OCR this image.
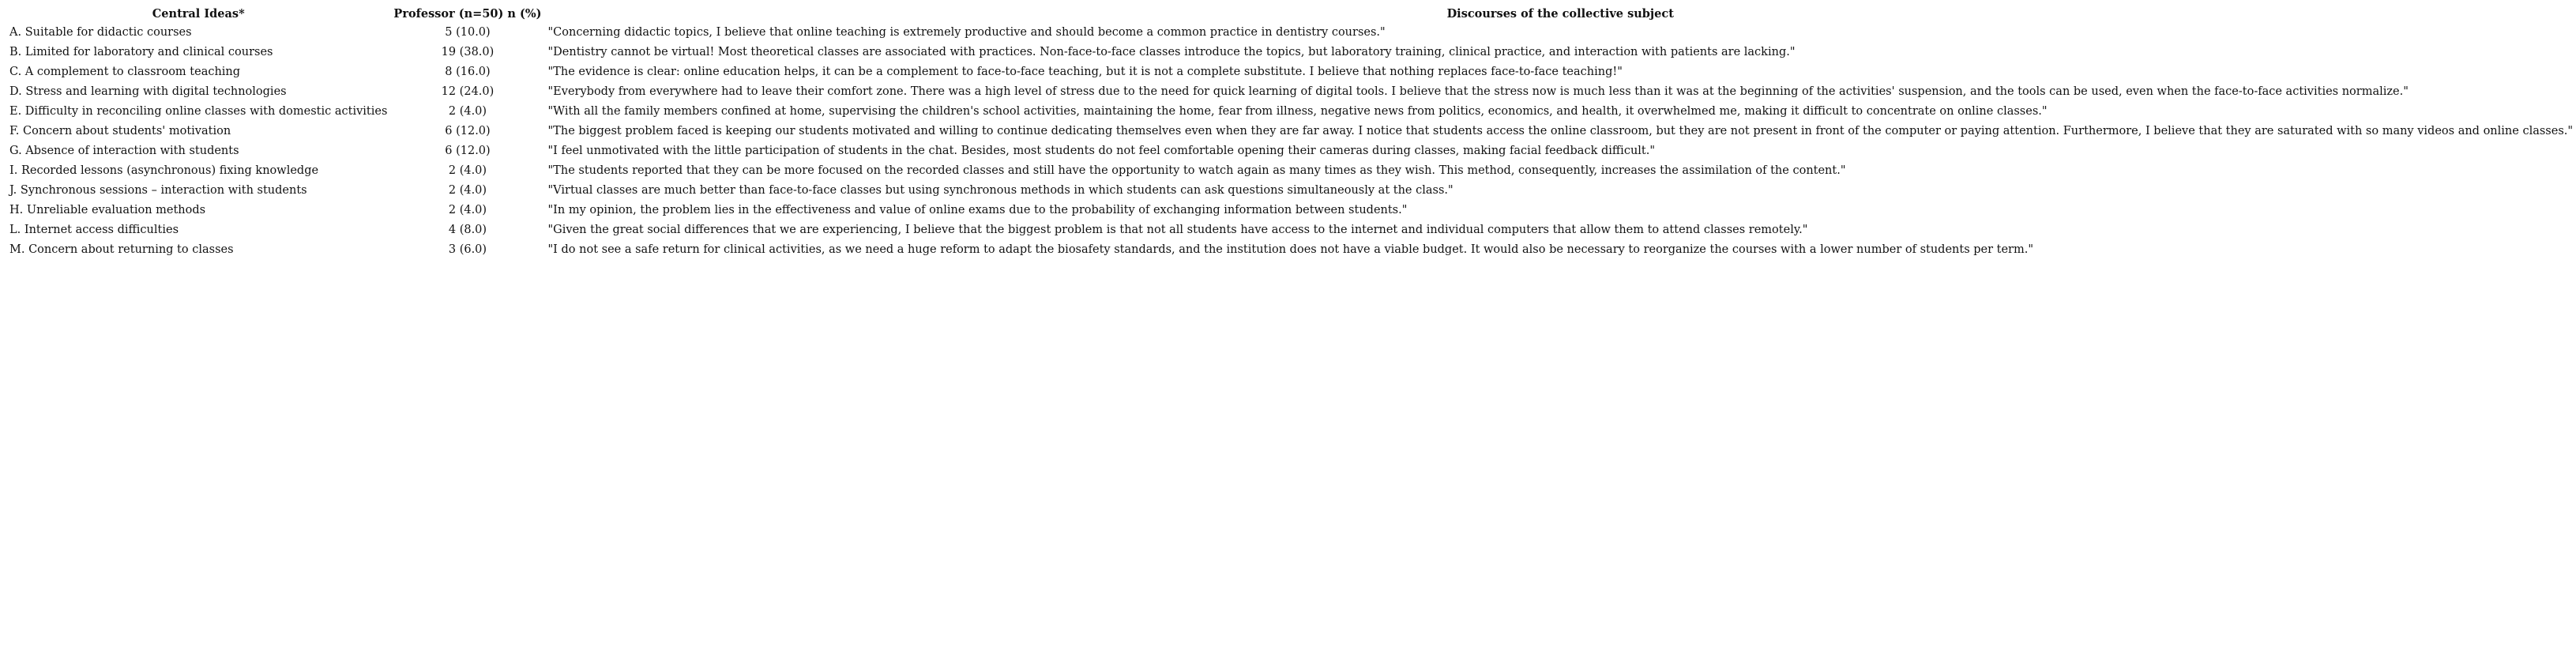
Central Ideas*	Professor (n=50) n (%)	Discourses of the collective subject
A. Suitable for didactic courses	5 (10.0)	"Concerning didactic topics, I believe that online teaching is extremely productive and should become a common practice in dentistry courses."
B. Limited for laboratory and clinical courses	19 (38.0)	"Dentistry cannot be virtual! Most theoretical classes are associated with practices. Non-face-to-face classes introduce the topics, but laboratory training, clinical practice, and interaction with patients are lacking."
C. A complement to classroom teaching	8 (16.0)	"The evidence is clear: online education helps, it can be a complement to face-to-face teaching, but it is not a complete substitute. I believe that nothing replaces face-to-face teaching!"
D. Stress and learning with digital technologies	12 (24.0)	"Everybody from everywhere had to leave their comfort zone. There was a high level of stress due to the need for quick learning of digital tools. I believe that the stress now is much less than it was at the beginning of the activities' suspension, and the tools can be used, even when the face-to-face activities normalize."
E. Difficulty in reconciling online classes with domestic activities	2 (4.0)	"With all the family members confined at home, supervising the children's school activities, maintaining the home, fear from illness, negative news from politics, economics, and health, it overwhelmed me, making it difficult to concentrate on online classes."
F. Concern about students' motivation	6 (12.0)	"The biggest problem faced is keeping our students motivated and willing to continue dedicating themselves even when they are far away. I notice that students access the online classroom, but they are not present in front of the computer or paying attention. Furthermore, I believe that they are saturated with so many videos and online classes."
G. Absence of interaction with students	6 (12.0)	"I feel unmotivated with the little participation of students in the chat. Besides, most students do not feel comfortable opening their cameras during classes, making facial feedback difficult."
I. Recorded lessons (asynchronous) fixing knowledge	2 (4.0)	"The students reported that they can be more focused on the recorded classes and still have the opportunity to watch again as many times as they wish. This method, consequently, increases the assimilation of the content."
J. Synchronous sessions – interaction with students	2 (4.0)	"Virtual classes are much better than face-to-face classes but using synchronous methods in which students can ask questions simultaneously at the class."
H. Unreliable evaluation methods	2 (4.0)	"In my opinion, the problem lies in the effectiveness and value of online exams due to the probability of exchanging information between students."
L. Internet access difficulties	4 (8.0)	"Given the great social differences that we are experiencing, I believe that the biggest problem is that not all students have access to the internet and individual computers that allow them to attend classes remotely."
M. Concern about returning to classes	3 (6.0)	"I do not see a safe return for clinical activities, as we need a huge reform to adapt the biosafety standards, and the institution does not have a viable budget. It would also be necessary to reorganize the courses with a lower number of students per term."
